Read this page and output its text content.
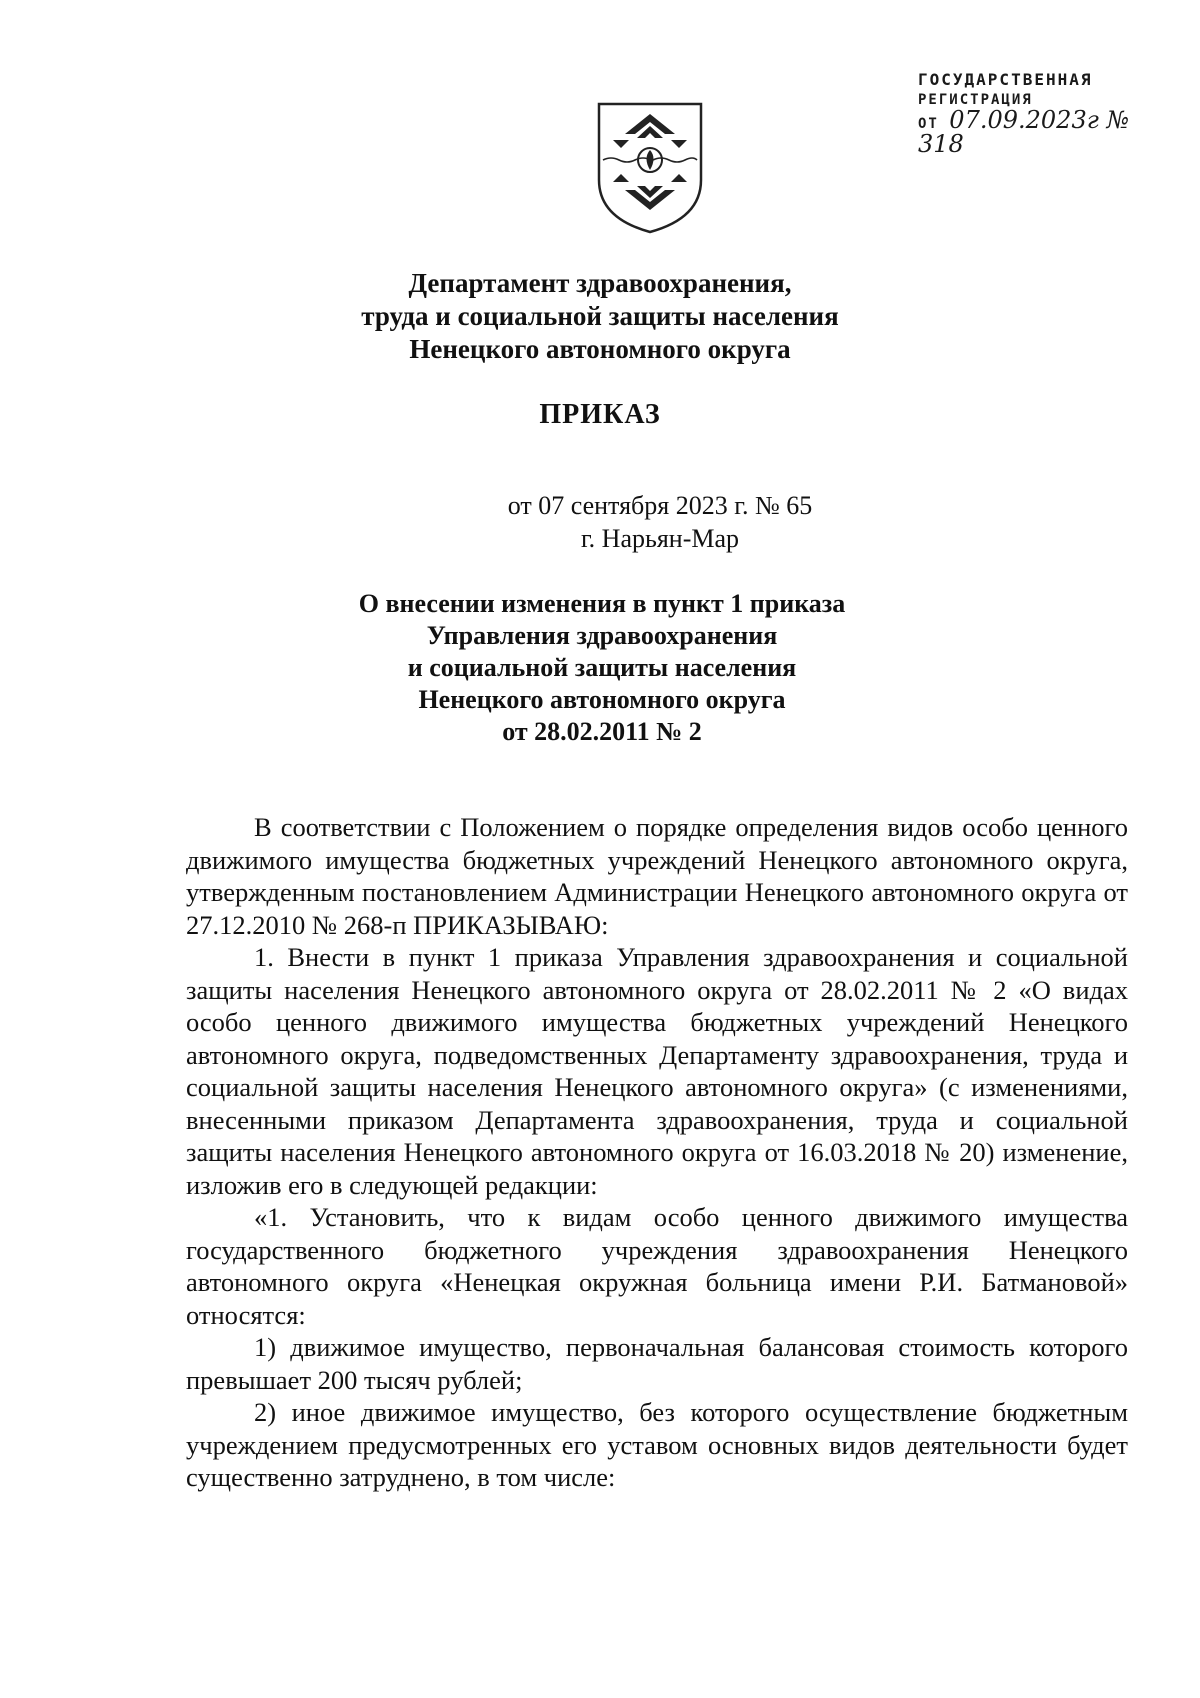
ГОСУДАРСТВЕННАЯ
РЕГИСТРАЦИЯ
ОТ 07.09.2023г № 318
Департамент здравоохранения,
труда и социальной защиты населения
Ненецкого автономного округа
ПРИКАЗ
от 07 сентября 2023 г. № 65
г. Нарьян-Мар
О внесении изменения в пункт 1 приказа
Управления здравоохранения
и социальной защиты населения
Ненецкого автономного округа
от 28.02.2011 № 2

В соответствии с Положением о порядке определения видов особо ценного движимого имущества бюджетных учреждений Ненецкого автономного округа, утвержденным постановлением Администрации Ненецкого автономного округа от 27.12.2010 № 268-п ПРИКАЗЫВАЮ:

1. Внести в пункт 1 приказа Управления здравоохранения и социальной защиты населения Ненецкого автономного округа от 28.02.2011 № 2 «О видах особо ценного движимого имущества бюджетных учреждений Ненецкого автономного округа, подведомственных Департаменту здравоохранения, труда и социальной защиты населения Ненецкого автономного округа» (с изменениями, внесенными приказом Департамента здравоохранения, труда и социальной защиты населения Ненецкого автономного округа от 16.03.2018 № 20) изменение, изложив его в следующей редакции:

«1. Установить, что к видам особо ценного движимого имущества государственного бюджетного учреждения здравоохранения Ненецкого автономного округа «Ненецкая окружная больница имени Р.И. Батмановой» относятся:

1) движимое имущество, первоначальная балансовая стоимость которого превышает 200 тысяч рублей;

2) иное движимое имущество, без которого осуществление бюджетным учреждением предусмотренных его уставом основных видов деятельности будет существенно затруднено, в том числе:
